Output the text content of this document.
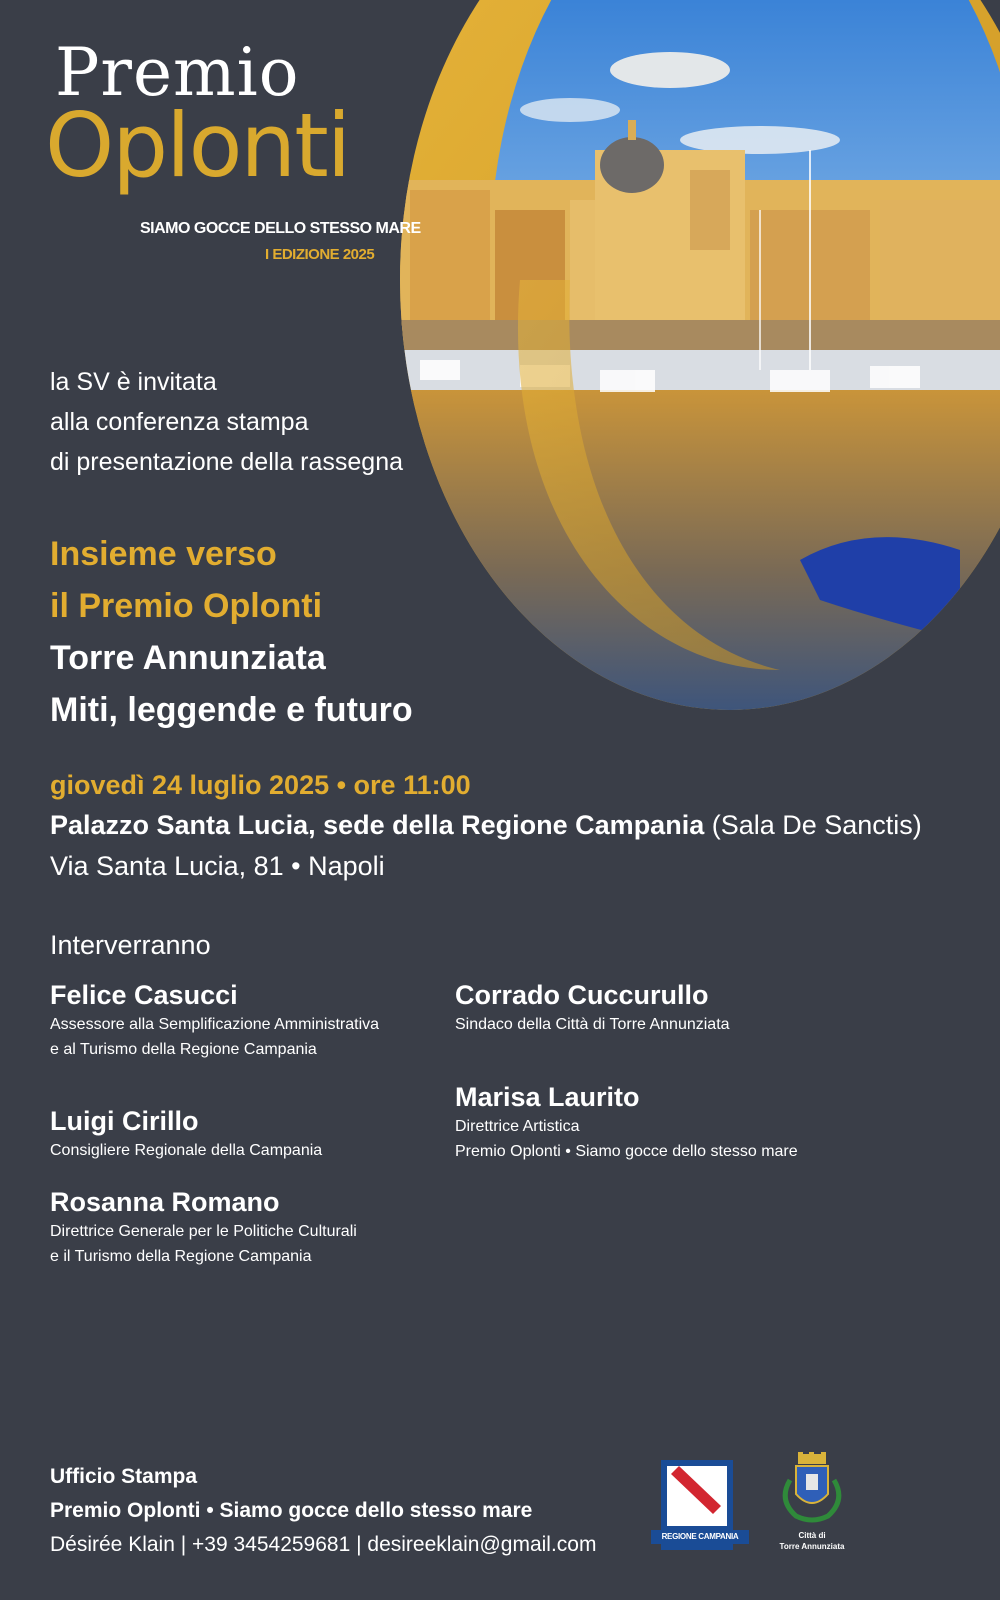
Premio
Oplonti
SIAMO GOCCE DELLO STESSO MARE
I EDIZIONE 2025
la SV è invitata
alla conferenza stampa
di presentazione della rassegna
Insieme verso
il Premio Oplonti
Torre Annunziata
Miti, leggende e futuro
giovedì 24 luglio 2025 • ore 11:00
Palazzo Santa Lucia, sede della Regione Campania (Sala De Sanctis)
Via Santa Lucia, 81 • Napoli
Interverranno
Felice Casucci
Assessore alla Semplificazione Amministrativa
e al Turismo della Regione Campania
Luigi Cirillo
Consigliere Regionale della Campania
Rosanna Romano
Direttrice Generale per le Politiche Culturali
e il Turismo della Regione Campania
Corrado Cuccurullo
Sindaco della Città di Torre Annunziata
Marisa Laurito
Direttrice Artistica
Premio Oplonti • Siamo gocce dello stesso mare
Ufficio Stampa
Premio Oplonti • Siamo gocce dello stesso mare
Désirée Klain | +39 3454259681 | desireeklain@gmail.com	REGIONE CAMPANIA	Città di
Torre Annunziata
